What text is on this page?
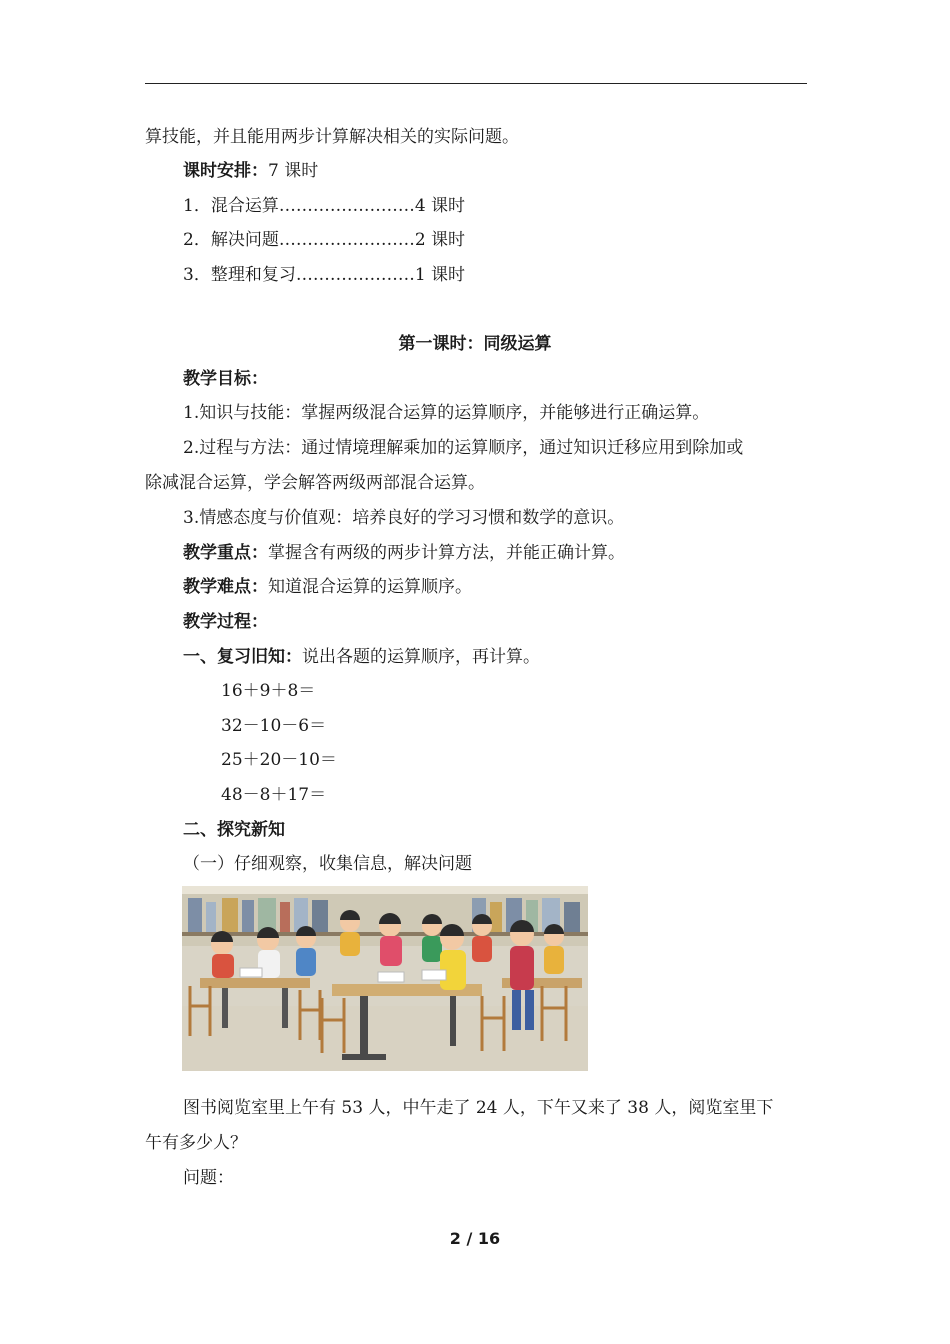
算技能，并且能用两步计算解决相关的实际问题。
课时安排：7 课时
1．混合运算……………………4 课时
2．解决问题……………………2 课时
3．整理和复习…………………1 课时
第一课时：同级运算
教学目标：
1.知识与技能：掌握两级混合运算的运算顺序，并能够进行正确运算。
2.过程与方法：通过情境理解乘加的运算顺序，通过知识迁移应用到除加或
除减混合运算，学会解答两级两部混合运算。
3.情感态度与价值观：培养良好的学习习惯和数学的意识。
教学重点：掌握含有两级的两步计算方法，并能正确计算。
教学难点：知道混合运算的运算顺序。
教学过程：
一、复习旧知：说出各题的运算顺序，再计算。
16＋9＋8＝
32－10－6＝
25＋20－10＝
48－8＋17＝
二、探究新知
（一）仔细观察，收集信息，解决问题
图书阅览室里上午有 53 人，中午走了 24 人，下午又来了 38 人，阅览室里下
午有多少人？
问题：
2 / 16
